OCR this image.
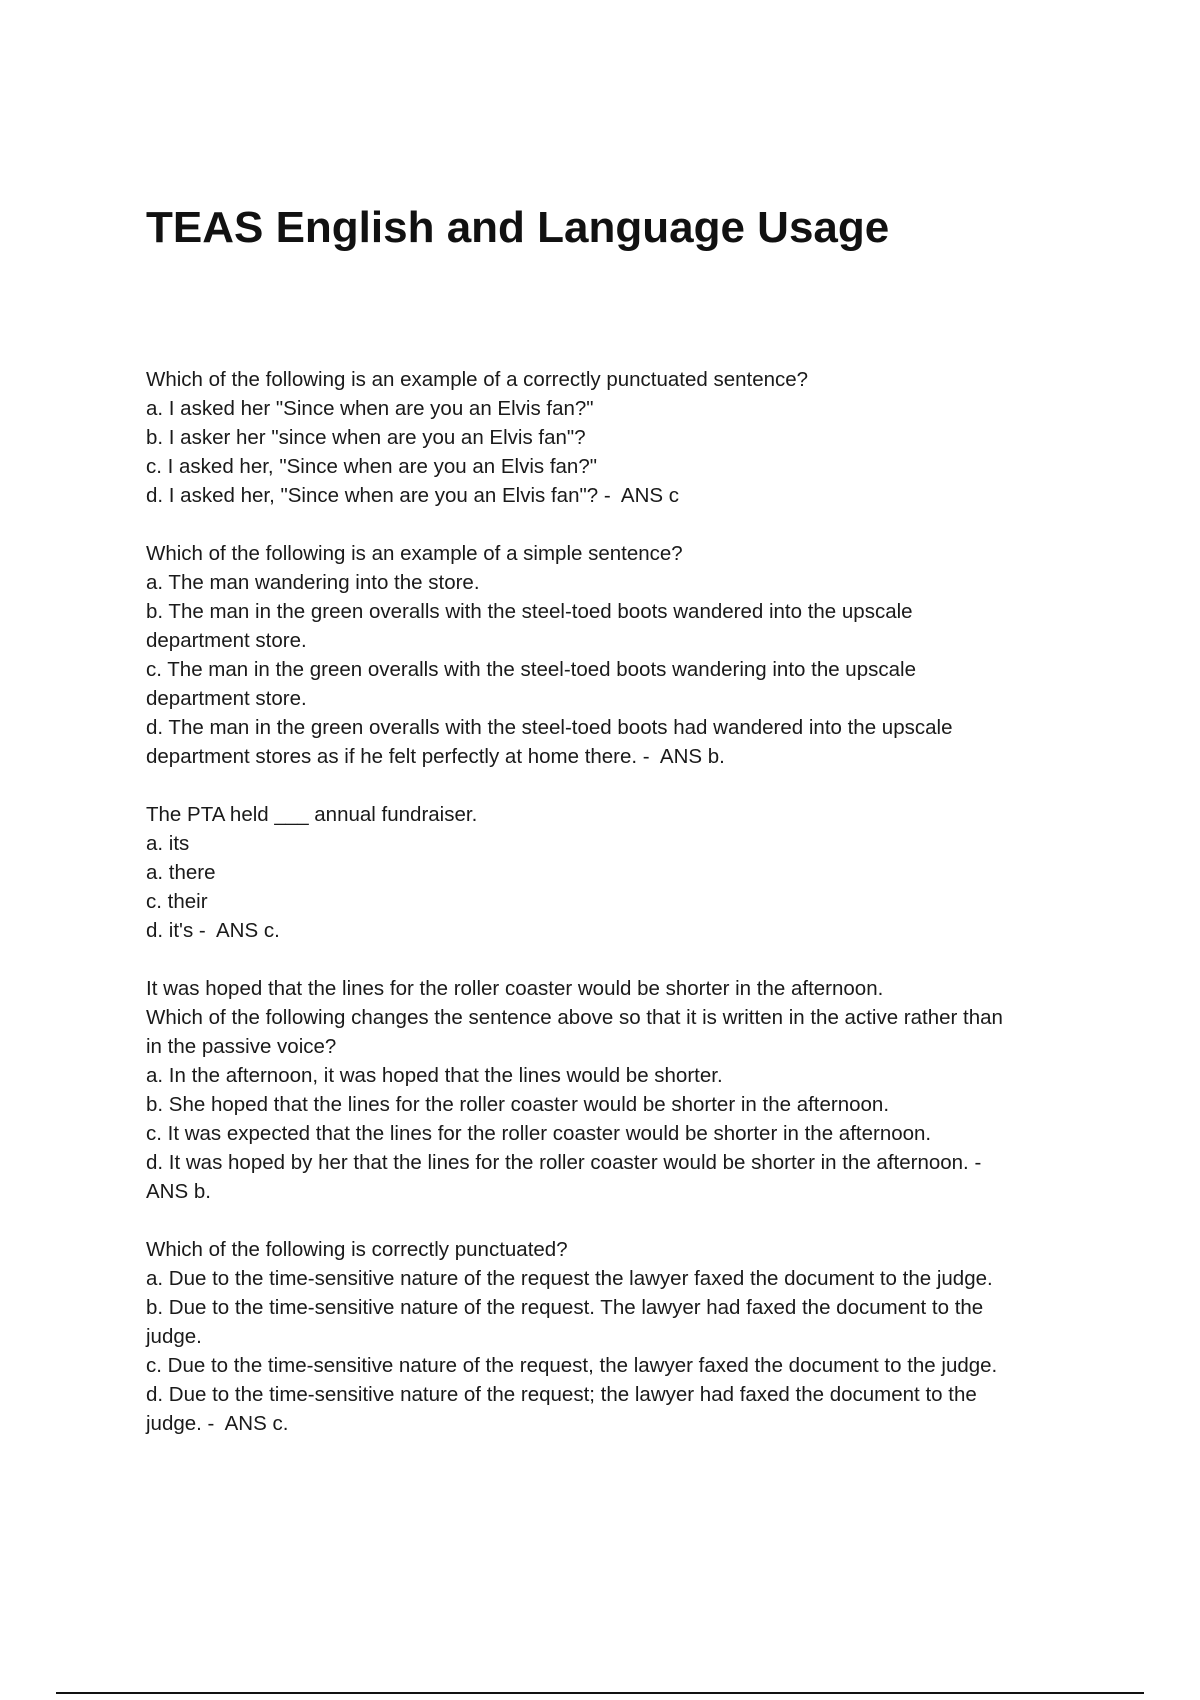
TEAS English and Language Usage

Which of the following is an example of a correctly punctuated sentence?

a. I asked her "Since when are you an Elvis fan?"

b. I asker her "since when are you an Elvis fan"?

c. I asked her, "Since when are you an Elvis fan?"

d. I asked her, "Since when are you an Elvis fan"? -  ANS c

Which of the following is an example of a simple sentence?

a. The man wandering into the store.

b. The man in the green overalls with the steel-toed boots wandered into the upscale

department store.

c. The man in the green overalls with the steel-toed boots wandering into the upscale

department store.

d. The man in the green overalls with the steel-toed boots had wandered into the upscale

department stores as if he felt perfectly at home there. -  ANS b.

The PTA held ___ annual fundraiser.

a. its

a. there

c. their

d. it's -  ANS c.

It was hoped that the lines for the roller coaster would be shorter in the afternoon.

Which of the following changes the sentence above so that it is written in the active rather than

in the passive voice?

a. In the afternoon, it was hoped that the lines would be shorter.

b. She hoped that the lines for the roller coaster would be shorter in the afternoon.

c. It was expected that the lines for the roller coaster would be shorter in the afternoon.

d. It was hoped by her that the lines for the roller coaster would be shorter in the afternoon. -

ANS b.

Which of the following is correctly punctuated?

a. Due to the time-sensitive nature of the request the lawyer faxed the document to the judge.

b. Due to the time-sensitive nature of the request. The lawyer had faxed the document to the

judge.

c. Due to the time-sensitive nature of the request, the lawyer faxed the document to the judge.

d. Due to the time-sensitive nature of the request; the lawyer had faxed the document to the

judge. -  ANS c.
